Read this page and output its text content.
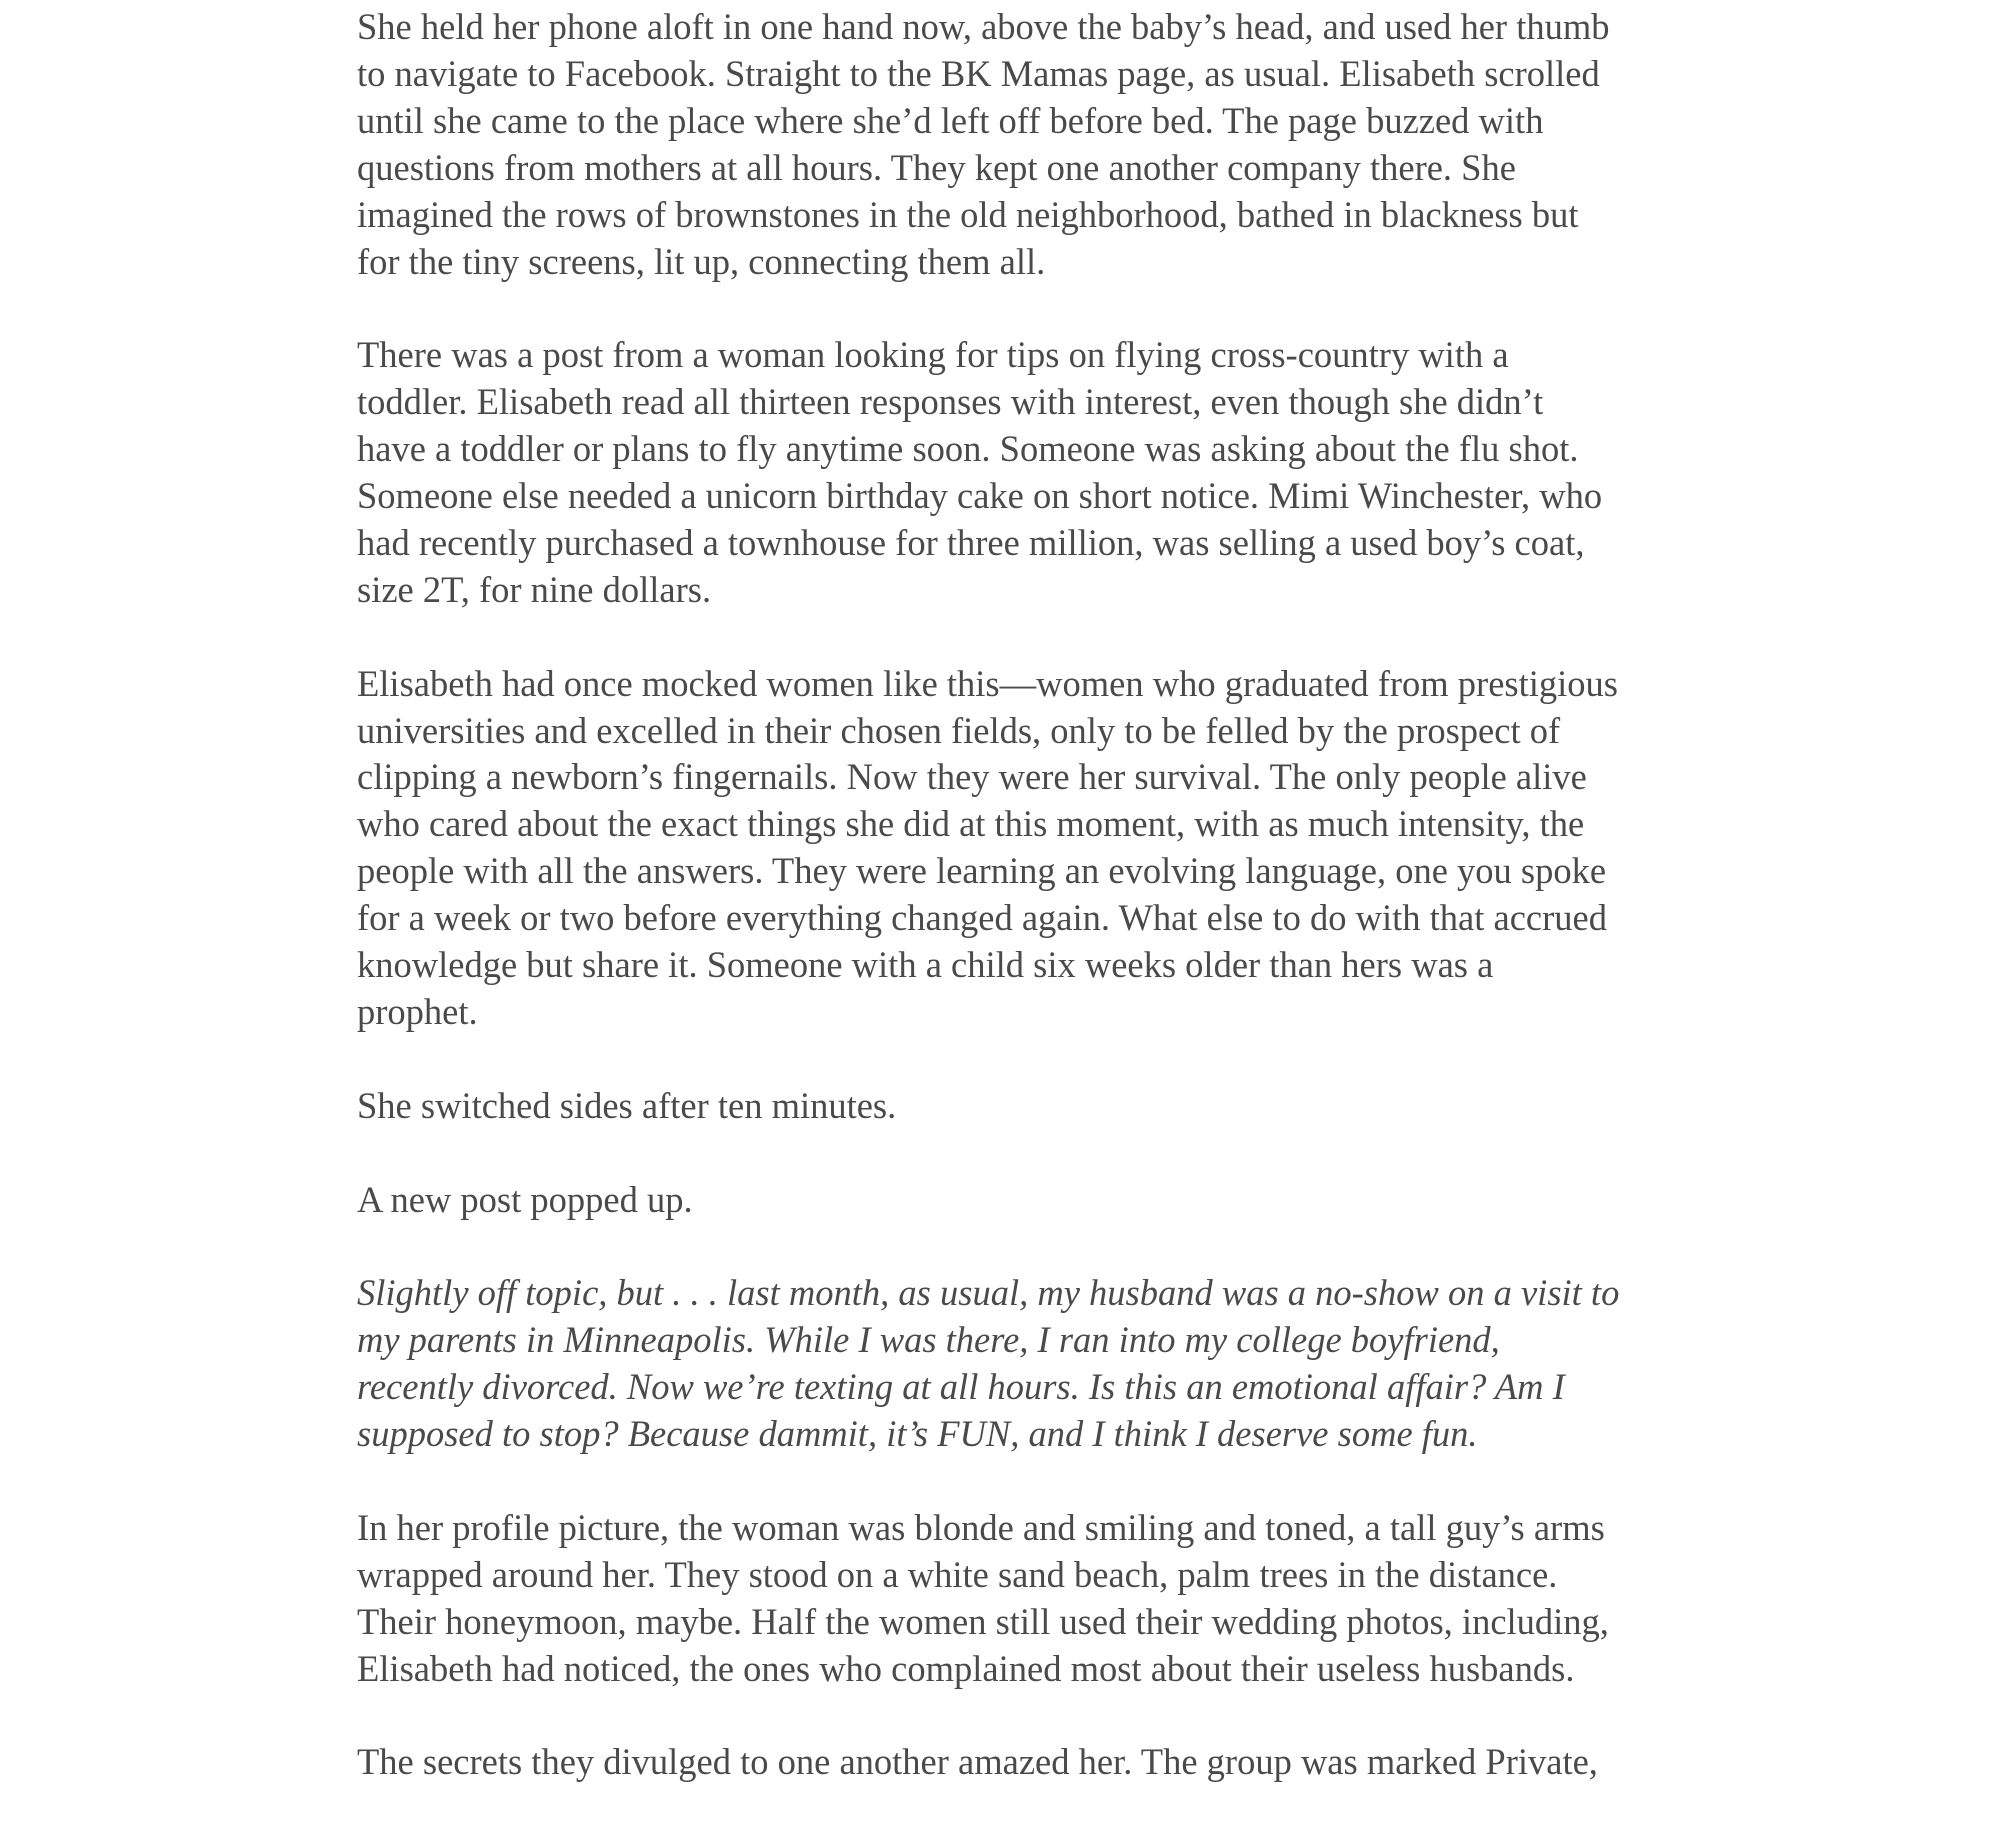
She held her phone aloft in one hand now, above the baby’s head, and used her thumb
to navigate to Facebook. Straight to the BK Mamas page, as usual. Elisabeth scrolled
until she came to the place where she’d left off before bed. The page buzzed with
questions from mothers at all hours. They kept one another company there. She
imagined the rows of brownstones in the old neighborhood, bathed in blackness but
for the tiny screens, lit up, connecting them all.

There was a post from a woman looking for tips on flying cross-country with a
toddler. Elisabeth read all thirteen responses with interest, even though she didn’t
have a toddler or plans to fly anytime soon. Someone was asking about the flu shot.
Someone else needed a unicorn birthday cake on short notice. Mimi Winchester, who
had recently purchased a townhouse for three million, was selling a used boy’s coat,
size 2T, for nine dollars.

Elisabeth had once mocked women like this—women who graduated from prestigious
universities and excelled in their chosen fields, only to be felled by the prospect of
clipping a newborn’s fingernails. Now they were her survival. The only people alive
who cared about the exact things she did at this moment, with as much intensity, the
people with all the answers. They were learning an evolving language, one you spoke
for a week or two before everything changed again. What else to do with that accrued
knowledge but share it. Someone with a child six weeks older than hers was a
prophet.

She switched sides after ten minutes.

A new post popped up.

Slightly off topic, but . . . last month, as usual, my husband was a no-show on a visit to
my parents in Minneapolis. While I was there, I ran into my college boyfriend,
recently divorced. Now we’re texting at all hours. Is this an emotional affair? Am I
supposed to stop? Because dammit, it’s FUN, and I think I deserve some fun.

In her profile picture, the woman was blonde and smiling and toned, a tall guy’s arms
wrapped around her. They stood on a white sand beach, palm trees in the distance.
Their honeymoon, maybe. Half the women still used their wedding photos, including,
Elisabeth had noticed, the ones who complained most about their useless husbands.

The secrets they divulged to one another amazed her. The group was marked Private,
